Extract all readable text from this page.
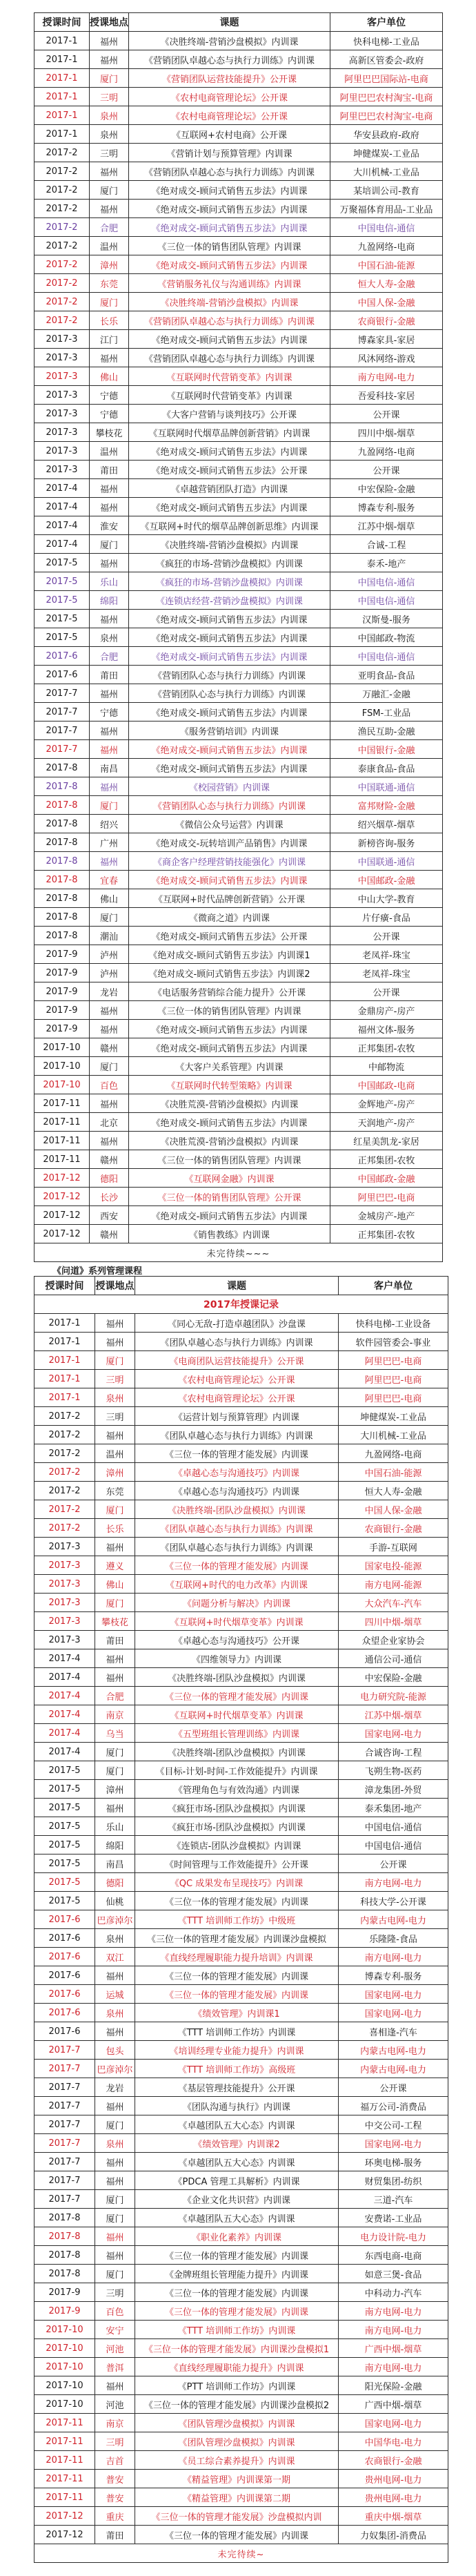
授课时间	授课地点	课题	客户单位
2017-1	福州	《决胜终端-营销沙盘模拟》内训课	快科电梯-工业品
2017-1	福州	《营销团队卓越心态与执行力训练》内训课	高新区管委会-政府
2017-1	厦门	《营销团队运营技能提升》公开课	阿里巴巴国际站-电商
2017-1	三明	《农村电商管理论坛》公开课	阿里巴巴农村淘宝-电商
2017-1	泉州	《农村电商管理论坛》公开课	阿里巴巴农村淘宝-电商
2017-1	泉州	《互联网+农村电商》公开课	华安县政府-政府
2017-2	三明	《营销计划与预算管理》内训课	坤健煤炭-工业品
2017-2	福州	《营销团队卓越心态与执行力训练》内训课	大川机械-工业品
2017-2	厦门	《绝对成交-顾问式销售五步法》内训课	某培训公司-教育
2017-2	福州	《绝对成交-顾问式销售五步法》内训课	万聚福体育用品-工业品
2017-2	合肥	《绝对成交-顾问式销售五步法》内训课	中国电信-通信
2017-2	温州	《三位一体的销售团队管理》内训课	九盈网络-电商
2017-2	漳州	《绝对成交-顾问式销售五步法》内训课	中国石油-能源
2017-2	东莞	《营销服务礼仪与沟通训练》内训课	恒大人寿-金融
2017-2	厦门	《决胜终端-营销沙盘模拟》内训课	中国人保-金融
2017-2	长乐	《营销团队卓越心态与执行力训练》内训课	农商银行-金融
2017-3	江门	《绝对成交-顾问式销售五步法》内训课	博森家具-家居
2017-3	福州	《营销团队卓越心态与执行力训练》内训课	风沐网络-游戏
2017-3	佛山	《互联网时代营销变革》内训课	南方电网-电力
2017-3	宁德	《互联网时代营销变革》内训课	吾爱科技-家居
2017-3	宁德	《大客户营销与谈判技巧》公开课	公开课
2017-3	攀枝花	《互联网时代烟草品牌创新营销》内训课	四川中烟-烟草
2017-3	温州	《绝对成交-顾问式销售五步法》内训课	九盈网络-电商
2017-3	莆田	《绝对成交-顾问式销售五步法》公开课	公开课
2017-4	福州	《卓越营销团队打造》内训课	中宏保险-金融
2017-4	福州	《绝对成交-顾问式销售五步法》内训课	博森专利-服务
2017-4	淮安	《互联网+时代的烟草品牌创新思维》内训课	江苏中烟-烟草
2017-4	厦门	《决胜终端-营销沙盘模拟》内训课	合诚-工程
2017-5	福州	《疯狂的市场-营销沙盘模拟》内训课	泰禾-地产
2017-5	乐山	《疯狂的市场-营销沙盘模拟》内训课	中国电信-通信
2017-5	绵阳	《连锁店经营-营销沙盘模拟》内训课	中国电信-通信
2017-5	福州	《绝对成交-顾问式销售五步法》内训课	汉斯曼-服务
2017-5	泉州	《绝对成交-顾问式销售五步法》内训课	中国邮政-物流
2017-6	合肥	《绝对成交-顾问式销售五步法》内训课	中国电信-通信
2017-6	莆田	《营销团队心态与执行力训练》内训课	亚明食品-食品
2017-7	福州	《营销团队心态与执行力训练》内训课	万融汇-金融
2017-7	宁德	《绝对成交-顾问式销售五步法》内训课	FSM-工业品
2017-7	福州	《服务营销培训》内训课	渔民互助-金融
2017-7	福州	《绝对成交-顾问式销售五步法》内训课	中国银行-金融
2017-8	南昌	《绝对成交-顾问式销售五步法》内训课	泰康食品-食品
2017-8	福州	《校园营销》内训课	中国联通-通信
2017-8	厦门	《营销团队心态与执行力训练》内训课	富邦财险-金融
2017-8	绍兴	《微信公众号运营》内训课	绍兴烟草-烟草
2017-8	广州	《绝对成交-玩转培训产品销售》内训课	新榜咨询-服务
2017-8	福州	《商企客户经理营销技能强化》内训课	中国联通-通信
2017-8	宜春	《绝对成交-顾问式销售五步法》内训课	中国邮政-金融
2017-8	佛山	《互联网+时代品牌创新营销》公开课	中山大学-教育
2017-8	厦门	《微商之道》内训课	片仔癀-食品
2017-8	潮汕	《绝对成交-顾问式销售五步法》公开课	公开课
2017-9	泸州	《绝对成交-顾问式销售五步法》内训课1	老凤祥-珠宝
2017-9	泸州	《绝对成交-顾问式销售五步法》内训课2	老凤祥-珠宝
2017-9	龙岩	《电话服务营销综合能力提升》公开课	公开课
2017-9	福州	《三位一体的销售团队管理》内训课	金鼎房产-房产
2017-9	福州	《绝对成交-顾问式销售五步法》内训课	福州文体-服务
2017-10	赣州	《绝对成交-顾问式销售五步法》内训课	正邦集团-农牧
2017-10	厦门	《大客户关系管理》内训课	中邮物流
2017-10	百色	《互联网时代转型策略》内训课	中国邮政-电商
2017-11	福州	《决胜荒漠-营销沙盘模拟》内训课	金辉地产-房产
2017-11	北京	《绝对成交-顾问式销售五步法》内训课	天润地产-房产
2017-11	福州	《决胜荒漠-营销沙盘模拟》内训课	红星美凯龙-家居
2017-11	赣州	《三位一体的销售团队管理》内训课	正邦集团-农牧
2017-12	德阳	《互联网金融》内训课	中国邮政-金融
2017-12	长沙	《三位一体的销售团队管理》公开课	阿里巴巴-电商
2017-12	西安	《绝对成交-顾问式销售五步法》内训课	金城房产-地产
2017-12	赣州	《销售教练》内训课	正邦集团-农牧
未完待续~~~			
《问道》系列管理课程
授课时间	授课地点	课题	客户单位
2017年授课记录			
2017-1	福州	《同心无敌-打造卓越团队》沙盘课	快科电梯-工业设备
2017-1	福州	《团队卓越心态与执行力训练》内训课	软件园管委会-事业
2017-1	厦门	《电商团队运营技能提升》公开课	阿里巴巴-电商
2017-1	三明	《农村电商管理论坛》公开课	阿里巴巴-电商
2017-1	泉州	《农村电商管理论坛》公开课	阿里巴巴-电商
2017-2	三明	《运营计划与预算管理》内训课	坤健煤炭-工业品
2017-2	福州	《团队卓越心态与执行力训练》内训课	大川机械-工业品
2017-2	温州	《三位一体的管理才能发展》内训课	九盈网络-电商
2017-2	漳州	《卓越心态与沟通技巧》内训课	中国石油-能源
2017-2	东莞	《卓越心态与沟通技巧》内训课	恒大人寿-金融
2017-2	厦门	《决胜终端-团队沙盘模拟》内训课	中国人保-金融
2017-2	长乐	《团队卓越心态与执行力训练》内训课	农商银行-金融
2017-3	福州	《团队卓越心态与执行力训练》内训课	手游-互联网
2017-3	遵义	《三位一体的管理才能发展》内训课	国家电投-能源
2017-3	佛山	《互联网+时代的电力改革》内训课	南方电网-能源
2017-3	厦门	《问题分析与解决》内训课	大众汽车-汽车
2017-3	攀枝花	《互联网+时代烟草变革》内训课	四川中烟-烟草
2017-3	莆田	《卓越心态与沟通技巧》公开课	众望企业家协会
2017-4	福州	《四维领导力》内训课	通信公司-通信
2017-4	福州	《决胜终端-团队沙盘模拟》内训课	中宏保险-金融
2017-4	合肥	《三位一体的管理才能发展》内训课	电力研究院-能源
2017-4	南京	《互联网+时代烟草变革》内训课	江苏中烟-烟草
2017-4	乌当	《五型班组长管理训练》内训课	国家电网-电力
2017-4	厦门	《决胜终端-团队沙盘模拟》内训课	合诚咨询-工程
2017-5	厦门	《目标-计划-时间-工作效能提升》内训课	飞朔生物-医药
2017-5	漳州	《管理角色与有效沟通》内训课	漳龙集团-外贸
2017-5	福州	《疯狂市场-团队沙盘模拟》内训课	泰禾集团-地产
2017-5	乐山	《疯狂市场-团队沙盘模拟》内训课	中国电信-通信
2017-5	绵阳	《连锁店-团队沙盘模拟》内训课	中国电信-通信
2017-5	南昌	《时间管理与工作效能提升》公开课	公开课
2017-5	德阳	《QC 成果发布呈现技巧》内训课	南方电网-电力
2017-5	仙桃	《三位一体的管理才能发展》内训课	科技大学-公开课
2017-6	巴彦淖尔	《TTT 培训师工作坊》中级班	内蒙古电网-电力
2017-6	泉州	《三位一体的管理才能发展》内训课沙盘模拟	乐隆隆-食品
2017-6	双江	《直线经理履职能力提升培训》内训课	南方电网-电力
2017-6	福州	《三位一体的管理才能发展》内训课	博森专利-服务
2017-6	运城	《三位一体的管理才能发展》内训课	国家电网-电力
2017-6	泉州	《绩效管理》内训课1	国家电网-电力
2017-6	福州	《TTT 培训师工作坊》内训课	喜相逢-汽车
2017-7	包头	《培训经理专业能力提升》内训课	内蒙古电网-电力
2017-7	巴彦淖尔	《TTT 培训师工作坊》高级班	内蒙古电网-电力
2017-7	龙岩	《基层管理技能提升》公开课	公开课
2017-7	福州	《团队沟通与执行》内训课	福万公司-消费品
2017-7	厦门	《卓越团队五大心态》内训课	中交公司-工程
2017-7	泉州	《绩效管理》内训课2	国家电网-电力
2017-7	福州	《卓越团队五大心态》内训课	环奥电梯-服务
2017-7	福州	《PDCA 管理工具解析》内训课	财贸集团-纺织
2017-7	厦门	《企业文化共识营》内训课	三道-汽车
2017-8	厦门	《卓越团队五大心态》内训课	安费诺-工业品
2017-8	福州	《职业化素养》内训课	电力设计院-电力
2017-8	福州	《三位一体的管理才能发展》内训课	东西电商-电商
2017-8	厦门	《金牌班组长管理能力提升》内训课	如意三煲-食品
2017-9	三明	《三位一体的管理才能发展》内训课	中科动力-汽车
2017-9	百色	《三位一体的管理才能发展》内训课	南方电网-电力
2017-10	安宁	《TTT 培训师工作坊》内训课	南方电网-电力
2017-10	河池	《三位一体的管理才能发展》内训课沙盘模拟1	广西中烟-烟草
2017-10	普洱	《直线经理履职能力提升》内训课	南方电网-电力
2017-10	福州	《PTT 培训师工作坊》内训课	阳光保险-金融
2017-10	河池	《三位一体的管理才能发展》内训课沙盘模拟2	广西中烟-烟草
2017-11	南京	《团队管理沙盘模拟》内训课	国家电网-电力
2017-11	三明	《团队管理沙盘模拟》内训课	中国华电-电力
2017-11	吉首	《员工综合素养提升》内训课	农商银行-金融
2017-11	普安	《精益管理》内训课第一期	贵州电网-电力
2017-11	普安	《精益管理》内训课第二期	贵州电网-电力
2017-12	重庆	《三位一体的管理才能发展》沙盘模拟内训	重庆中烟-烟草
2017-12	莆田	《三位一体的管理才能发展》内训课	力奴集团-消费品
未完待续~			
